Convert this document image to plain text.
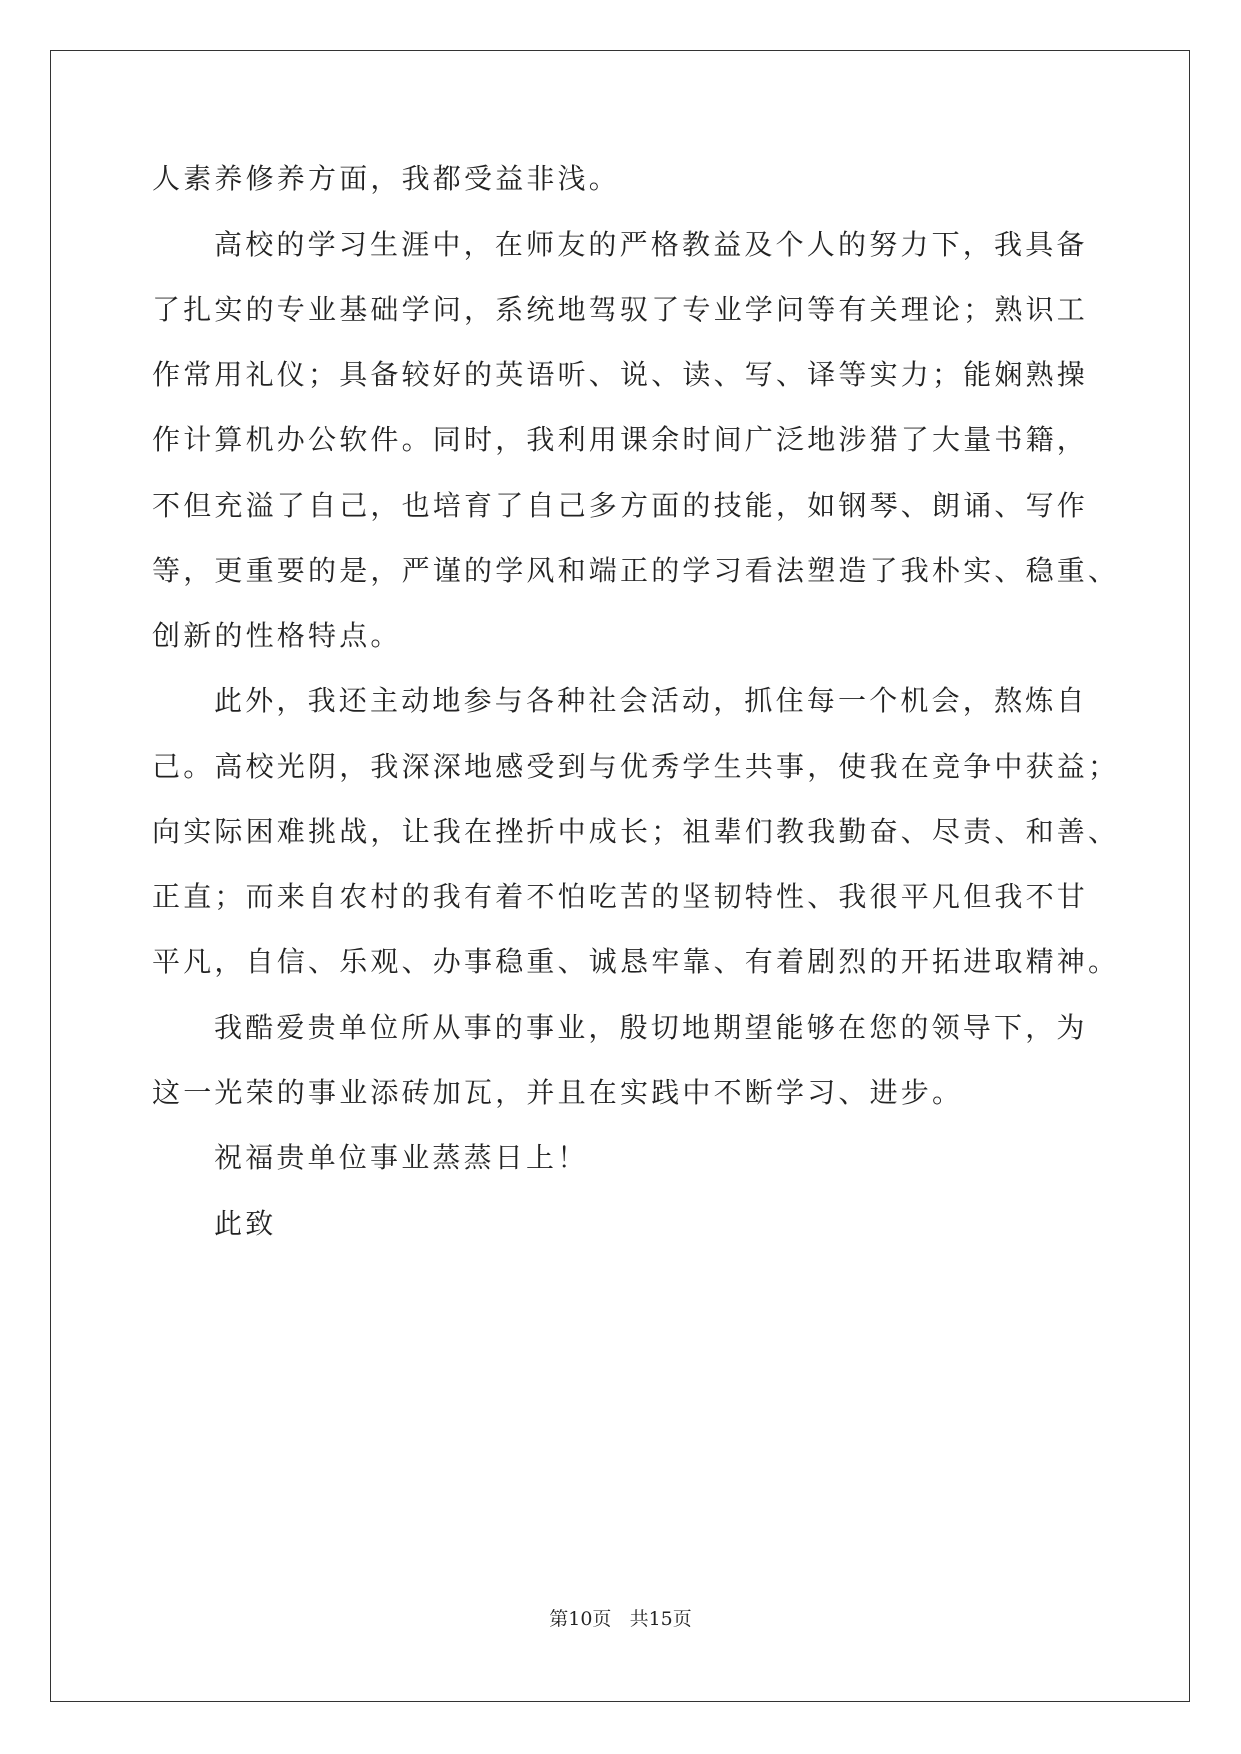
人素养修养方面，我都受益非浅。
高校的学习生涯中，在师友的严格教益及个人的努力下，我具备
了扎实的专业基础学问，系统地驾驭了专业学问等有关理论；熟识工
作常用礼仪；具备较好的英语听、说、读、写、译等实力；能娴熟操
作计算机办公软件。同时，我利用课余时间广泛地涉猎了大量书籍，
不但充溢了自己，也培育了自己多方面的技能，如钢琴、朗诵、写作
等，更重要的是，严谨的学风和端正的学习看法塑造了我朴实、稳重、
创新的性格特点。
此外，我还主动地参与各种社会活动，抓住每一个机会，熬炼自
己。高校光阴，我深深地感受到与优秀学生共事，使我在竞争中获益；
向实际困难挑战，让我在挫折中成长；祖辈们教我勤奋、尽责、和善、
正直；而来自农村的我有着不怕吃苦的坚韧特性、我很平凡但我不甘
平凡，自信、乐观、办事稳重、诚恳牢靠、有着剧烈的开拓进取精神。
我酷爱贵单位所从事的事业，殷切地期望能够在您的领导下，为
这一光荣的事业添砖加瓦，并且在实践中不断学习、进步。
祝福贵单位事业蒸蒸日上！
此致
第10页 共15页
